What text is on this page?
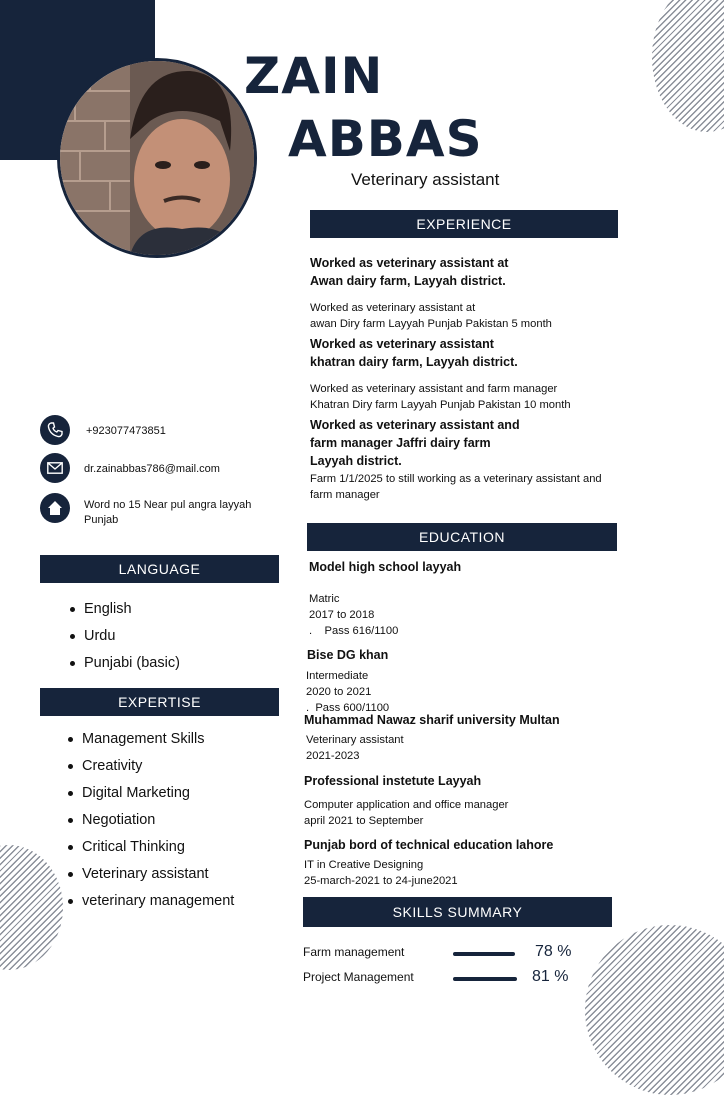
ZAIN
ABBAS
Veterinary assistant
EXPERIENCE
Worked as veterinary assistant at
Awan dairy farm, Layyah district.
Worked as veterinary assistant at
awan Diry farm Layyah Punjab Pakistan 5 month
Worked as veterinary assistant
khatran dairy farm, Layyah district.
Worked as veterinary assistant and farm manager
Khatran Diry farm Layyah Punjab Pakistan 10 month
Worked as veterinary assistant and
farm manager Jaffri dairy farm
Layyah district.
Farm 1/1/2025 to still working as a veterinary assistant and
farm manager
EDUCATION
Model high school layyah
Matric
2017 to 2018
.    Pass 616/1100
Bise DG khan
Intermediate
2020 to 2021
.  Pass 600/1100
Muhammad Nawaz sharif university Multan
Veterinary assistant
2021-2023
Professional instetute Layyah
Computer application and office manager
april 2021 to September
Punjab bord of technical education lahore
IT in Creative Designing
25-march-2021 to 24-june2021
SKILLS SUMMARY
Farm management	78 %
Project Management	81 %
+923077473851
dr.zainabbas786@mail.com
Word no 15 Near pul angra layyah Punjab
LANGUAGE
English
Urdu
Punjabi (basic)
EXPERTISE
Management Skills
Creativity
Digital Marketing
Negotiation
Critical Thinking
Veterinary assistant
veterinary management
